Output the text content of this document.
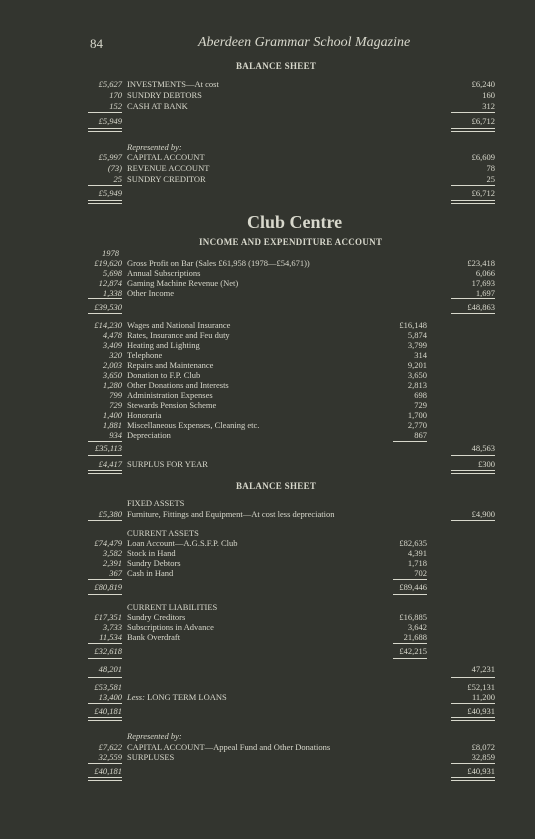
84	Aberdeen Grammar School Magazine
BALANCE SHEET
£5,627 INVESTMENTS—At cost	£6,240
170 SUNDRY DEBTORS	160
152 CASH AT BANK	312
£5,949	£6,712
Represented by:
£5,997 CAPITAL ACCOUNT	£6,609
(73) REVENUE ACCOUNT	78
25 SUNDRY CREDITOR	25
£5,949	£6,712
Club Centre
INCOME AND EXPENDITURE ACCOUNT
1978
£19,620 Gross Profit on Bar (Sales £61,958 (1978—£54,671))	£23,418
5,698 Annual Subscriptions	6,066
12,874 Gaming Machine Revenue (Net)	17,693
1,338 Other Income	1,697
£39,530	£48,863
£14,230 Wages and National Insurance	£16,148
4,478 Rates, Insurance and Feu duty	5,874
3,409 Heating and Lighting	3,799
320 Telephone	314
2,003 Repairs and Maintenance	9,201
3,650 Donation to F.P. Club	3,650
1,280 Other Donations and Interests	2,813
799 Administration Expenses	698
729 Stewards Pension Scheme	729
1,400 Honoraria	1,700
1,881 Miscellaneous Expenses, Cleaning etc.	2,770
934 Depreciation	867
£35,113	48,563
£4,417 SURPLUS FOR YEAR	£300
BALANCE SHEET
FIXED ASSETS
£5,380 Furniture, Fittings and Equipment—At cost less depreciation	£4,900
CURRENT ASSETS
£74,479 Loan Account—A.G.S.F.P. Club	£82,635
3,582 Stock in Hand	4,391
2,391 Sundry Debtors	1,718
367 Cash in Hand	702
£80,819	£89,446
CURRENT LIABILITIES
£17,351 Sundry Creditors	£16,885
3,733 Subscriptions in Advance	3,642
11,534 Bank Overdraft	21,688
£32,618	£42,215
48,201	47,231
£53,581	£52,131
13,400 Less: LONG TERM LOANS	11,200
£40,181	£40,931
Represented by:
£7,622 CAPITAL ACCOUNT—Appeal Fund and Other Donations	£8,072
32,559 SURPLUSES	32,859
£40,181	£40,931
